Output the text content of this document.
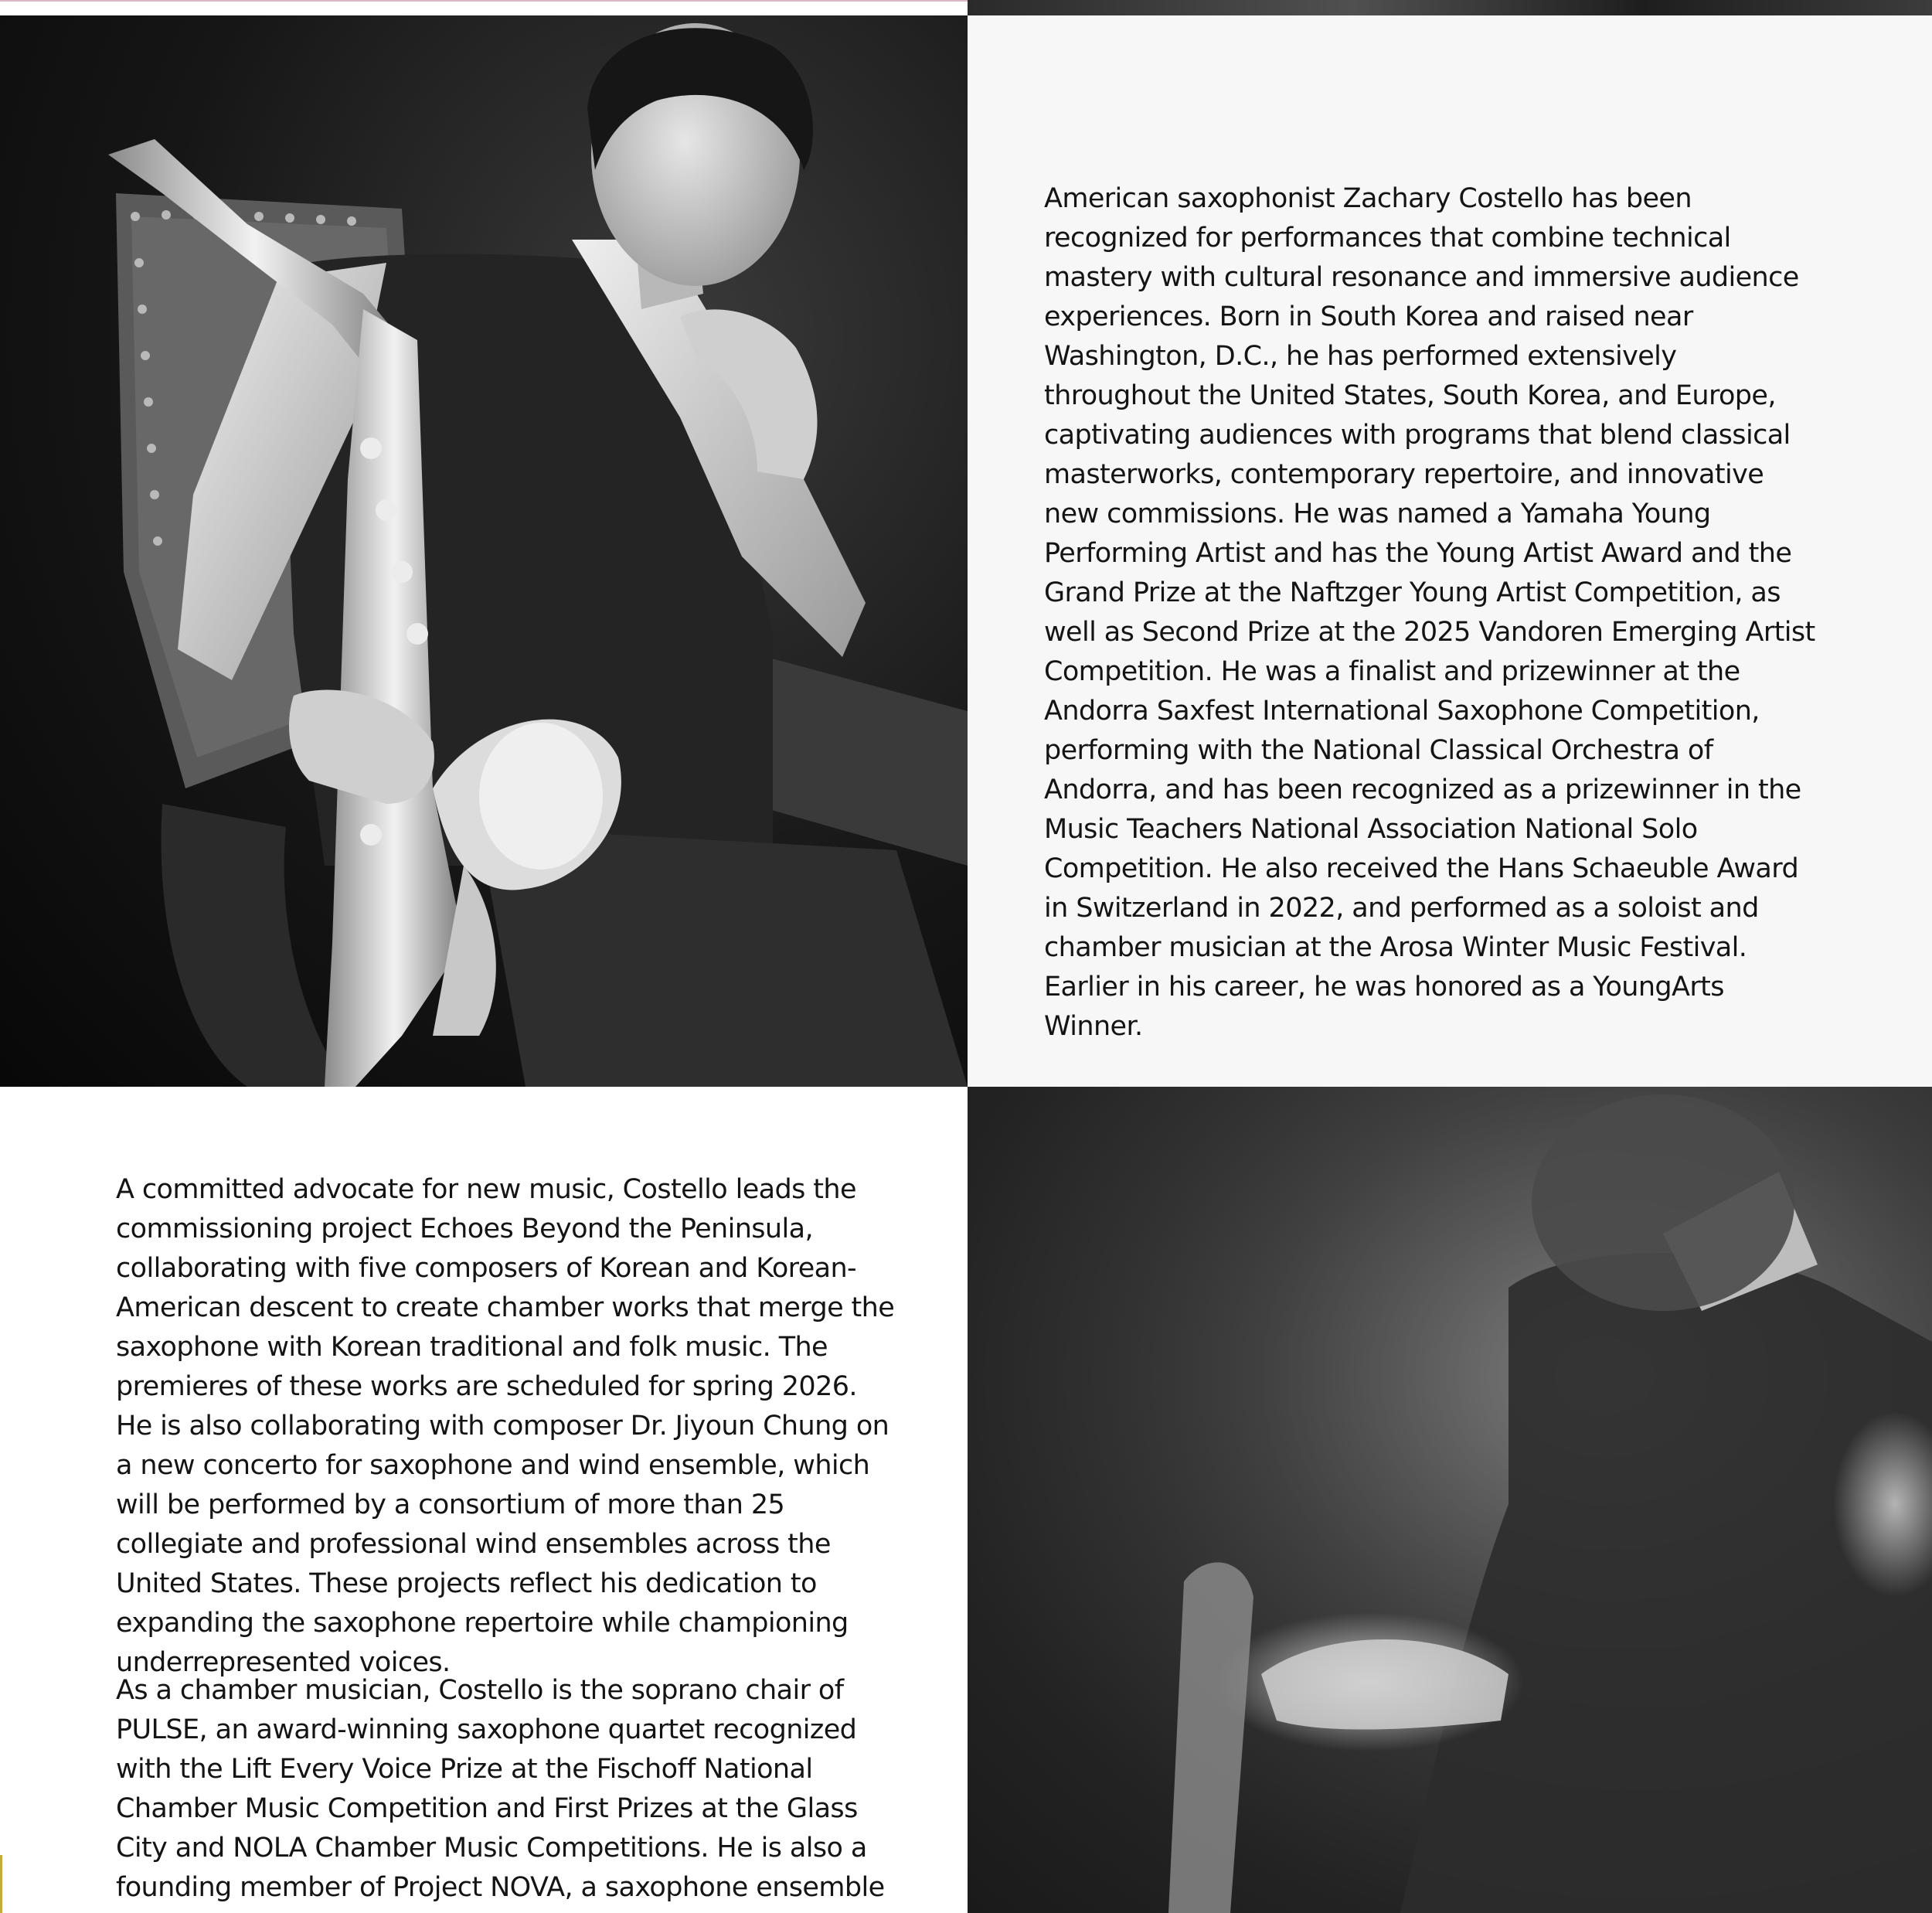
American saxophonist Zachary Costello has been recognized for performances that combine technical mastery with cultural resonance and immersive audience experiences. Born in South Korea and raised near Washington, D.C., he has performed extensively throughout the United States, South Korea, and Europe, captivating audiences with programs that blend classical masterworks, contemporary repertoire, and innovative new commissions. He was named a Yamaha Young Performing Artist and has the Young Artist Award and the Grand Prize at the Naftzger Young Artist Competition, as well as Second Prize at the 2025 Vandoren Emerging Artist Competition. He was a finalist and prizewinner at the Andorra Saxfest International Saxophone Competition, performing with the National Classical Orchestra of Andorra, and has been recognized as a prizewinner in the Music Teachers National Association National Solo Competition. He also received the Hans Schaeuble Award in Switzerland in 2022, and performed as a soloist and chamber musician at the Arosa Winter Music Festival. Earlier in his career, he was honored as a YoungArts Winner.

A committed advocate for new music, Costello leads the commissioning project Echoes Beyond the Peninsula, collaborating with five composers of Korean and Korean-American descent to create chamber works that merge the saxophone with Korean traditional and folk music. The premieres of these works are scheduled for spring 2026. He is also collaborating with composer Dr. Jiyoun Chung on a new concerto for saxophone and wind ensemble, which will be performed by a consortium of more than 25 collegiate and professional wind ensembles across the United States. These projects reflect his dedication to expanding the saxophone repertoire while championing underrepresented voices.

As a chamber musician, Costello is the soprano chair of PULSE, an award-winning saxophone quartet recognized with the Lift Every Voice Prize at the Fischoff National Chamber Music Competition and First Prizes at the Glass City and NOLA Chamber Music Competitions. He is also a founding member of Project NOVA, a saxophone ensemble
